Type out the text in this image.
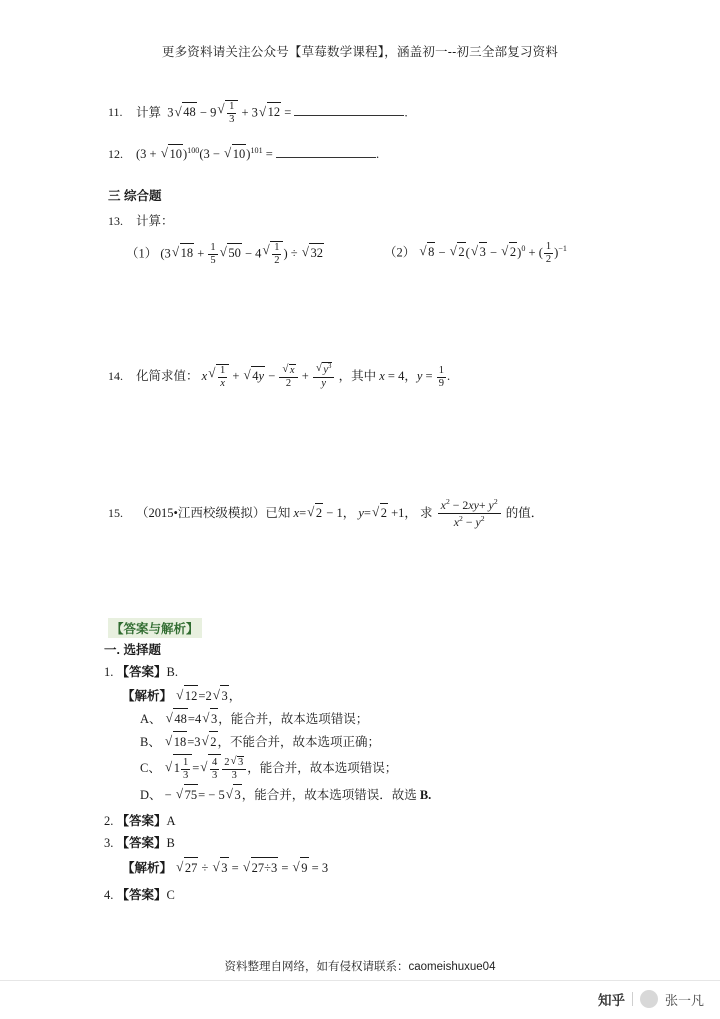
更多资料请关注公众号【草莓数学课程】，涵盖初一--初三全部复习资料
11.	计算  3 √ 48 − 9 √ $\frac{1}{3} + 3$ √ 12 =	.
12.	(3 + √ 10)$^{100}$(3 − √ 10)$^{101}$ =	.
三 综合题
13.	计算：
（1） (3 √ $18 + \frac{1}{5}$ √ 50 − 4 √ $\frac{1}{2}$ ) ÷ √ 32	（2） √ 8 − √ 2( √ 3 − √ 2)$^0$ + ( $\frac{1}{2} )^{-1}$
14.	化简求值： x √ $\frac{1}{x}$ + √ 4y − √ $\frac{x}{2}$ + √ $\frac{y^3}{y}$ ，其中 x = 4，$y = \frac{1}{9}$ .
15.	（2015•江西校级模拟）已知 x= √ 2 − 1， y= √ 2 +1， 求 $\frac{x^2 - 2xy+ y^2}{x^2 - y^2}$ 的值．
【答案与解析】
一. 选择题
1. 【答案】B.
【解析】 √ 12=2 √ 3，
A、 √ 48=4 √ 3，能合并，故本选项错误；
B、 √ 18=3 √ 2，不能合并，故本选项正确；
C、 √ $1 \frac{1}{3}$ = √ $\frac{4}{3} \frac{2 √ 3}{3}$ ，能合并，故本选项错误；
D、 − √ 75= − 5 √ 3，能合并，故本选项错误．故选 B.
2. 【答案】A
3. 【答案】B
【解析】 √ 27 ÷ √ 3 = √ 27÷3 = √ 9 = 3
4. 【答案】C
资料整理自网络，如有侵权请联系：caomeishuxue04
知乎	张一凡
